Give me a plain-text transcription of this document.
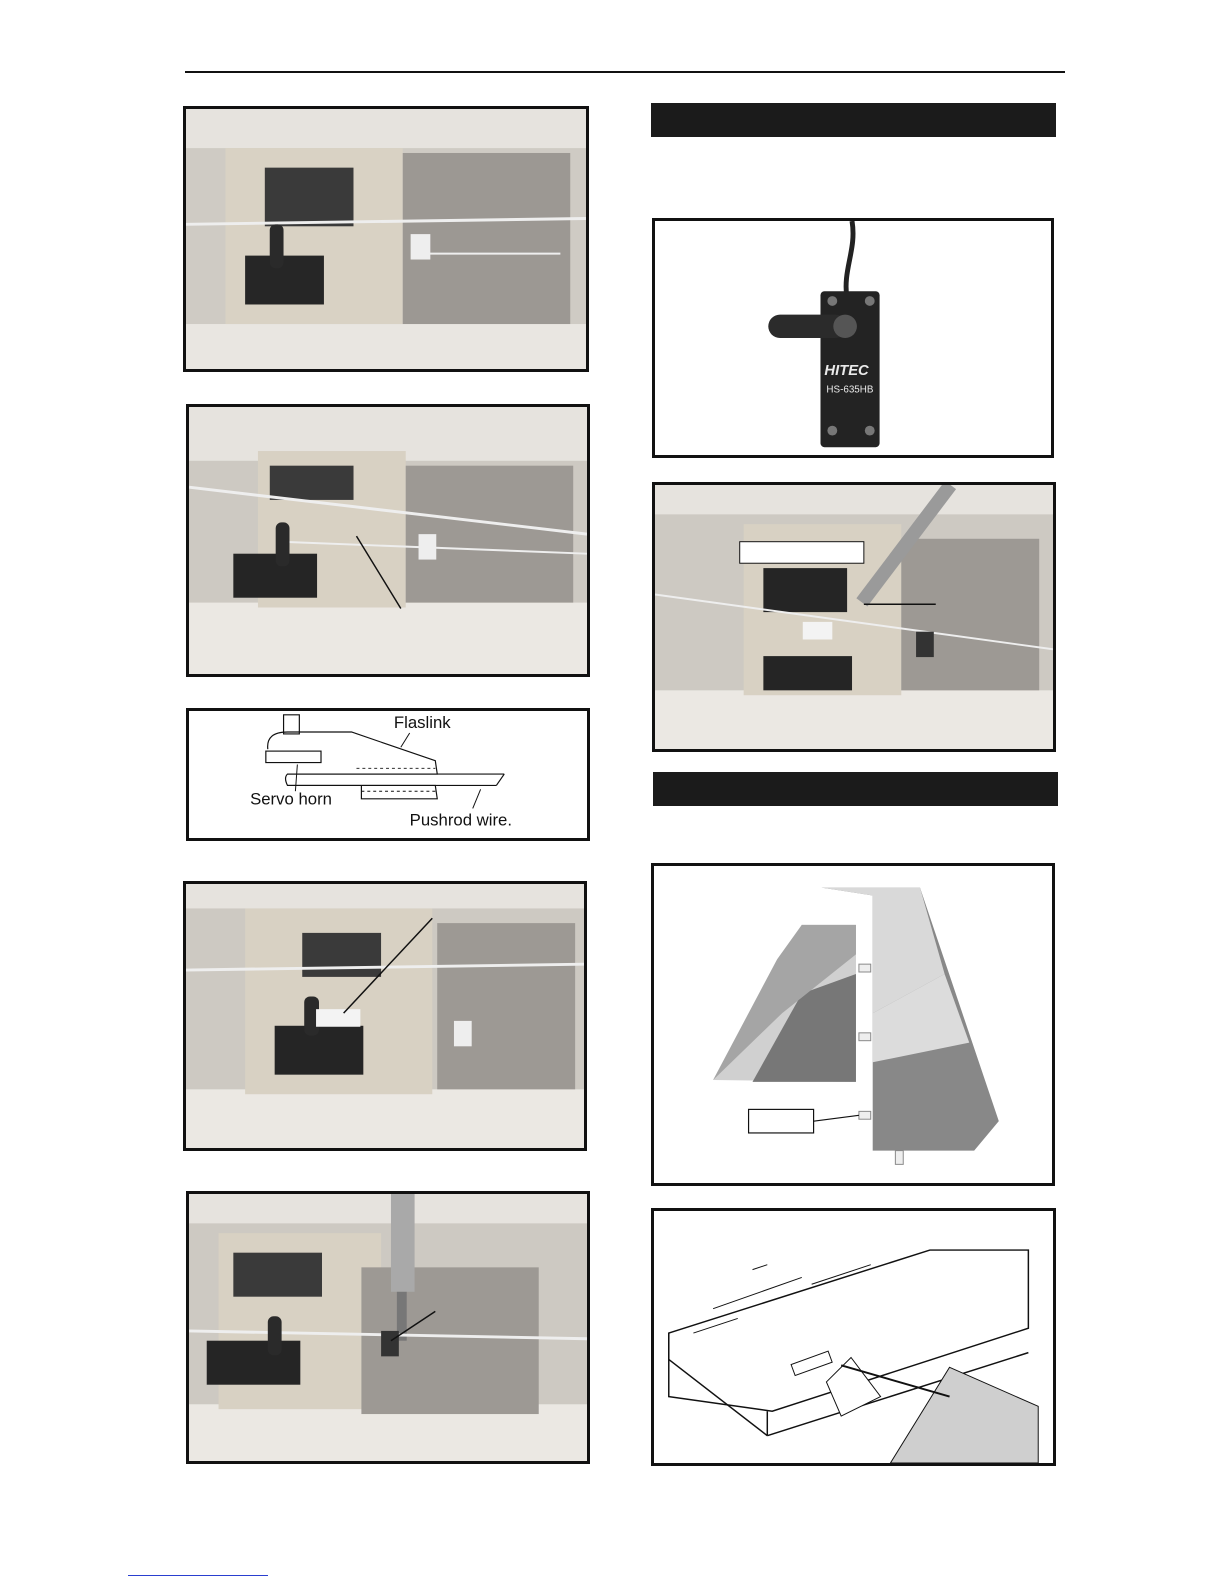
Flaslink
Servo horn
Pushrod wire.
HITEC
HS-635HB
